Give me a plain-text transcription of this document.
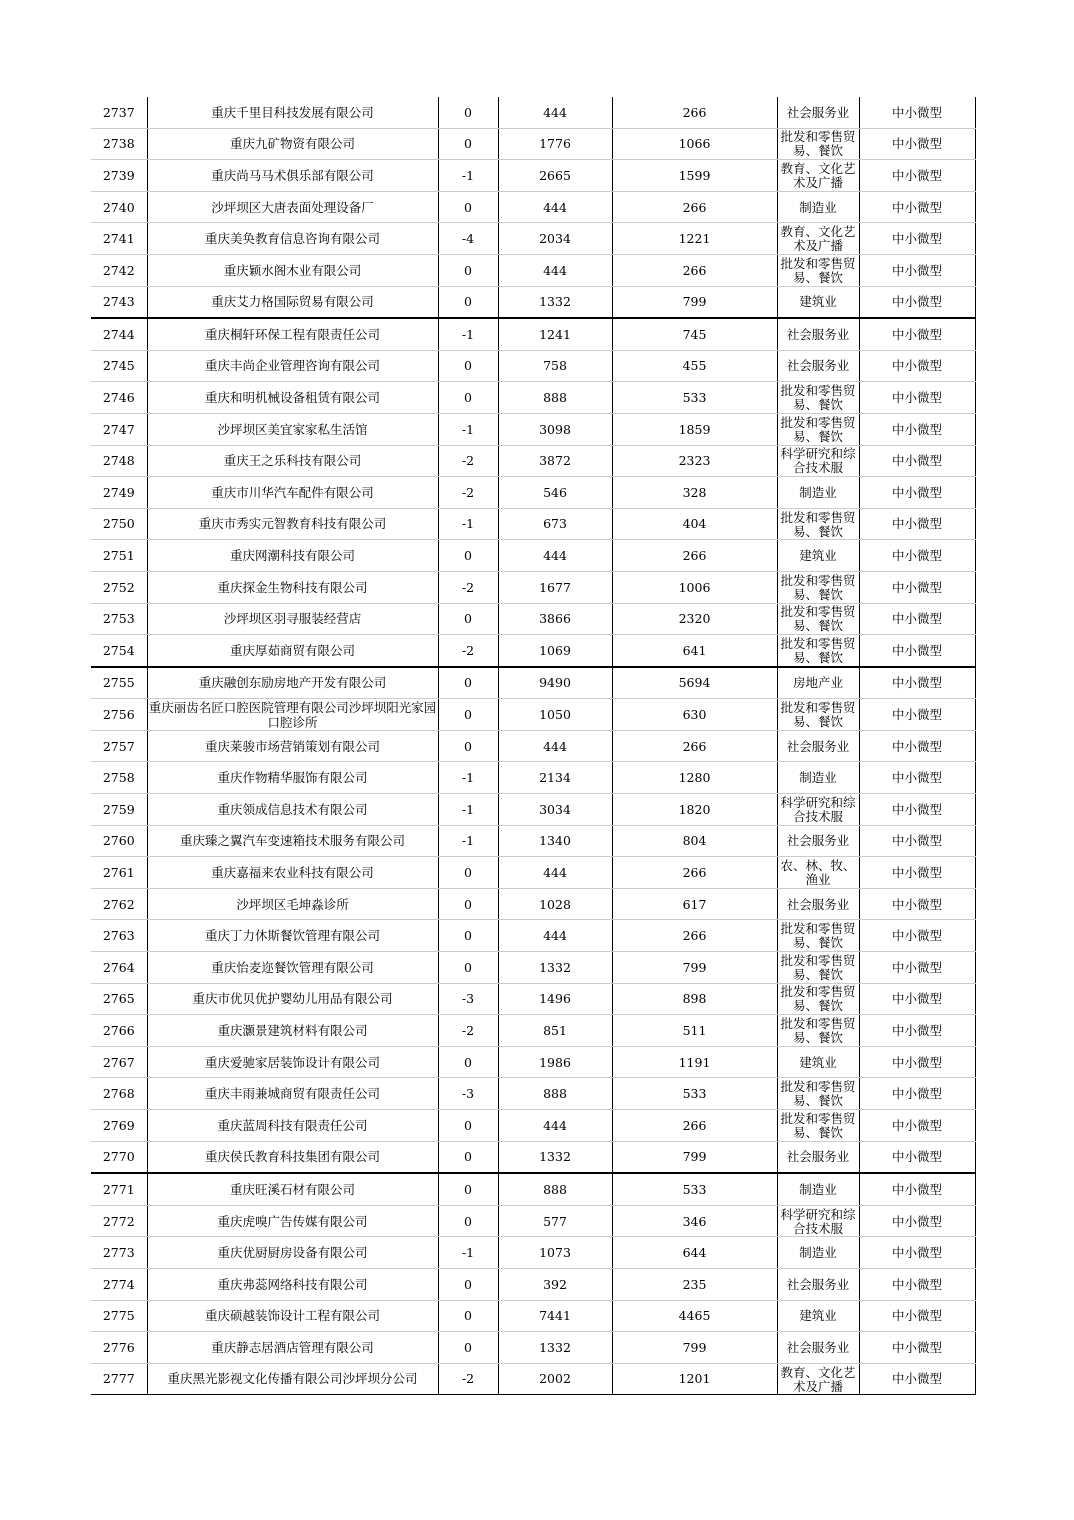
2737	重庆千里目科技发展有限公司	0	444	266	社会服务业	中小微型
2738	重庆九矿物资有限公司	0	1776	1066	批发和零售贸易、餐饮	中小微型
2739	重庆尚马马术俱乐部有限公司	-1	2665	1599	教育、文化艺术及广播	中小微型
2740	沙坪坝区大唐表面处理设备厂	0	444	266	制造业	中小微型
2741	重庆美奂教育信息咨询有限公司	-4	2034	1221	教育、文化艺术及广播	中小微型
2742	重庆颖水阁木业有限公司	0	444	266	批发和零售贸易、餐饮	中小微型
2743	重庆艾力格国际贸易有限公司	0	1332	799	建筑业	中小微型
2744	重庆桐轩环保工程有限责任公司	-1	1241	745	社会服务业	中小微型
2745	重庆丰尚企业管理咨询有限公司	0	758	455	社会服务业	中小微型
2746	重庆和明机械设备租赁有限公司	0	888	533	批发和零售贸易、餐饮	中小微型
2747	沙坪坝区美宜家家私生活馆	-1	3098	1859	批发和零售贸易、餐饮	中小微型
2748	重庆王之乐科技有限公司	-2	3872	2323	科学研究和综合技术服	中小微型
2749	重庆市川华汽车配件有限公司	-2	546	328	制造业	中小微型
2750	重庆市秀实元智教育科技有限公司	-1	673	404	批发和零售贸易、餐饮	中小微型
2751	重庆网潮科技有限公司	0	444	266	建筑业	中小微型
2752	重庆探金生物科技有限公司	-2	1677	1006	批发和零售贸易、餐饮	中小微型
2753	沙坪坝区羽寻服装经营店	0	3866	2320	批发和零售贸易、餐饮	中小微型
2754	重庆厚茹商贸有限公司	-2	1069	641	批发和零售贸易、餐饮	中小微型
2755	重庆融创东励房地产开发有限公司	0	9490	5694	房地产业	中小微型
2756	重庆丽齿名匠口腔医院管理有限公司沙坪坝阳光家园口腔诊所	0	1050	630	批发和零售贸易、餐饮	中小微型
2757	重庆莱骏市场营销策划有限公司	0	444	266	社会服务业	中小微型
2758	重庆作物精华服饰有限公司	-1	2134	1280	制造业	中小微型
2759	重庆领成信息技术有限公司	-1	3034	1820	科学研究和综合技术服	中小微型
2760	重庆臻之翼汽车变速箱技术服务有限公司	-1	1340	804	社会服务业	中小微型
2761	重庆嘉福来农业科技有限公司	0	444	266	农、林、牧、渔业	中小微型
2762	沙坪坝区毛坤淼诊所	0	1028	617	社会服务业	中小微型
2763	重庆丁力休斯餐饮管理有限公司	0	444	266	批发和零售贸易、餐饮	中小微型
2764	重庆怡麦迩餐饮管理有限公司	0	1332	799	批发和零售贸易、餐饮	中小微型
2765	重庆市优贝优护婴幼儿用品有限公司	-3	1496	898	批发和零售贸易、餐饮	中小微型
2766	重庆灏景建筑材料有限公司	-2	851	511	批发和零售贸易、餐饮	中小微型
2767	重庆爱驰家居装饰设计有限公司	0	1986	1191	建筑业	中小微型
2768	重庆丰雨兼城商贸有限责任公司	-3	888	533	批发和零售贸易、餐饮	中小微型
2769	重庆蓝周科技有限责任公司	0	444	266	批发和零售贸易、餐饮	中小微型
2770	重庆侯氏教育科技集团有限公司	0	1332	799	社会服务业	中小微型
2771	重庆旺溪石材有限公司	0	888	533	制造业	中小微型
2772	重庆虎嗅广告传媒有限公司	0	577	346	科学研究和综合技术服	中小微型
2773	重庆优厨厨房设备有限公司	-1	1073	644	制造业	中小微型
2774	重庆弗蕊网络科技有限公司	0	392	235	社会服务业	中小微型
2775	重庆硕越装饰设计工程有限公司	0	7441	4465	建筑业	中小微型
2776	重庆静志居酒店管理有限公司	0	1332	799	社会服务业	中小微型
2777	重庆黑光影视文化传播有限公司沙坪坝分公司	-2	2002	1201	教育、文化艺术及广播	中小微型
